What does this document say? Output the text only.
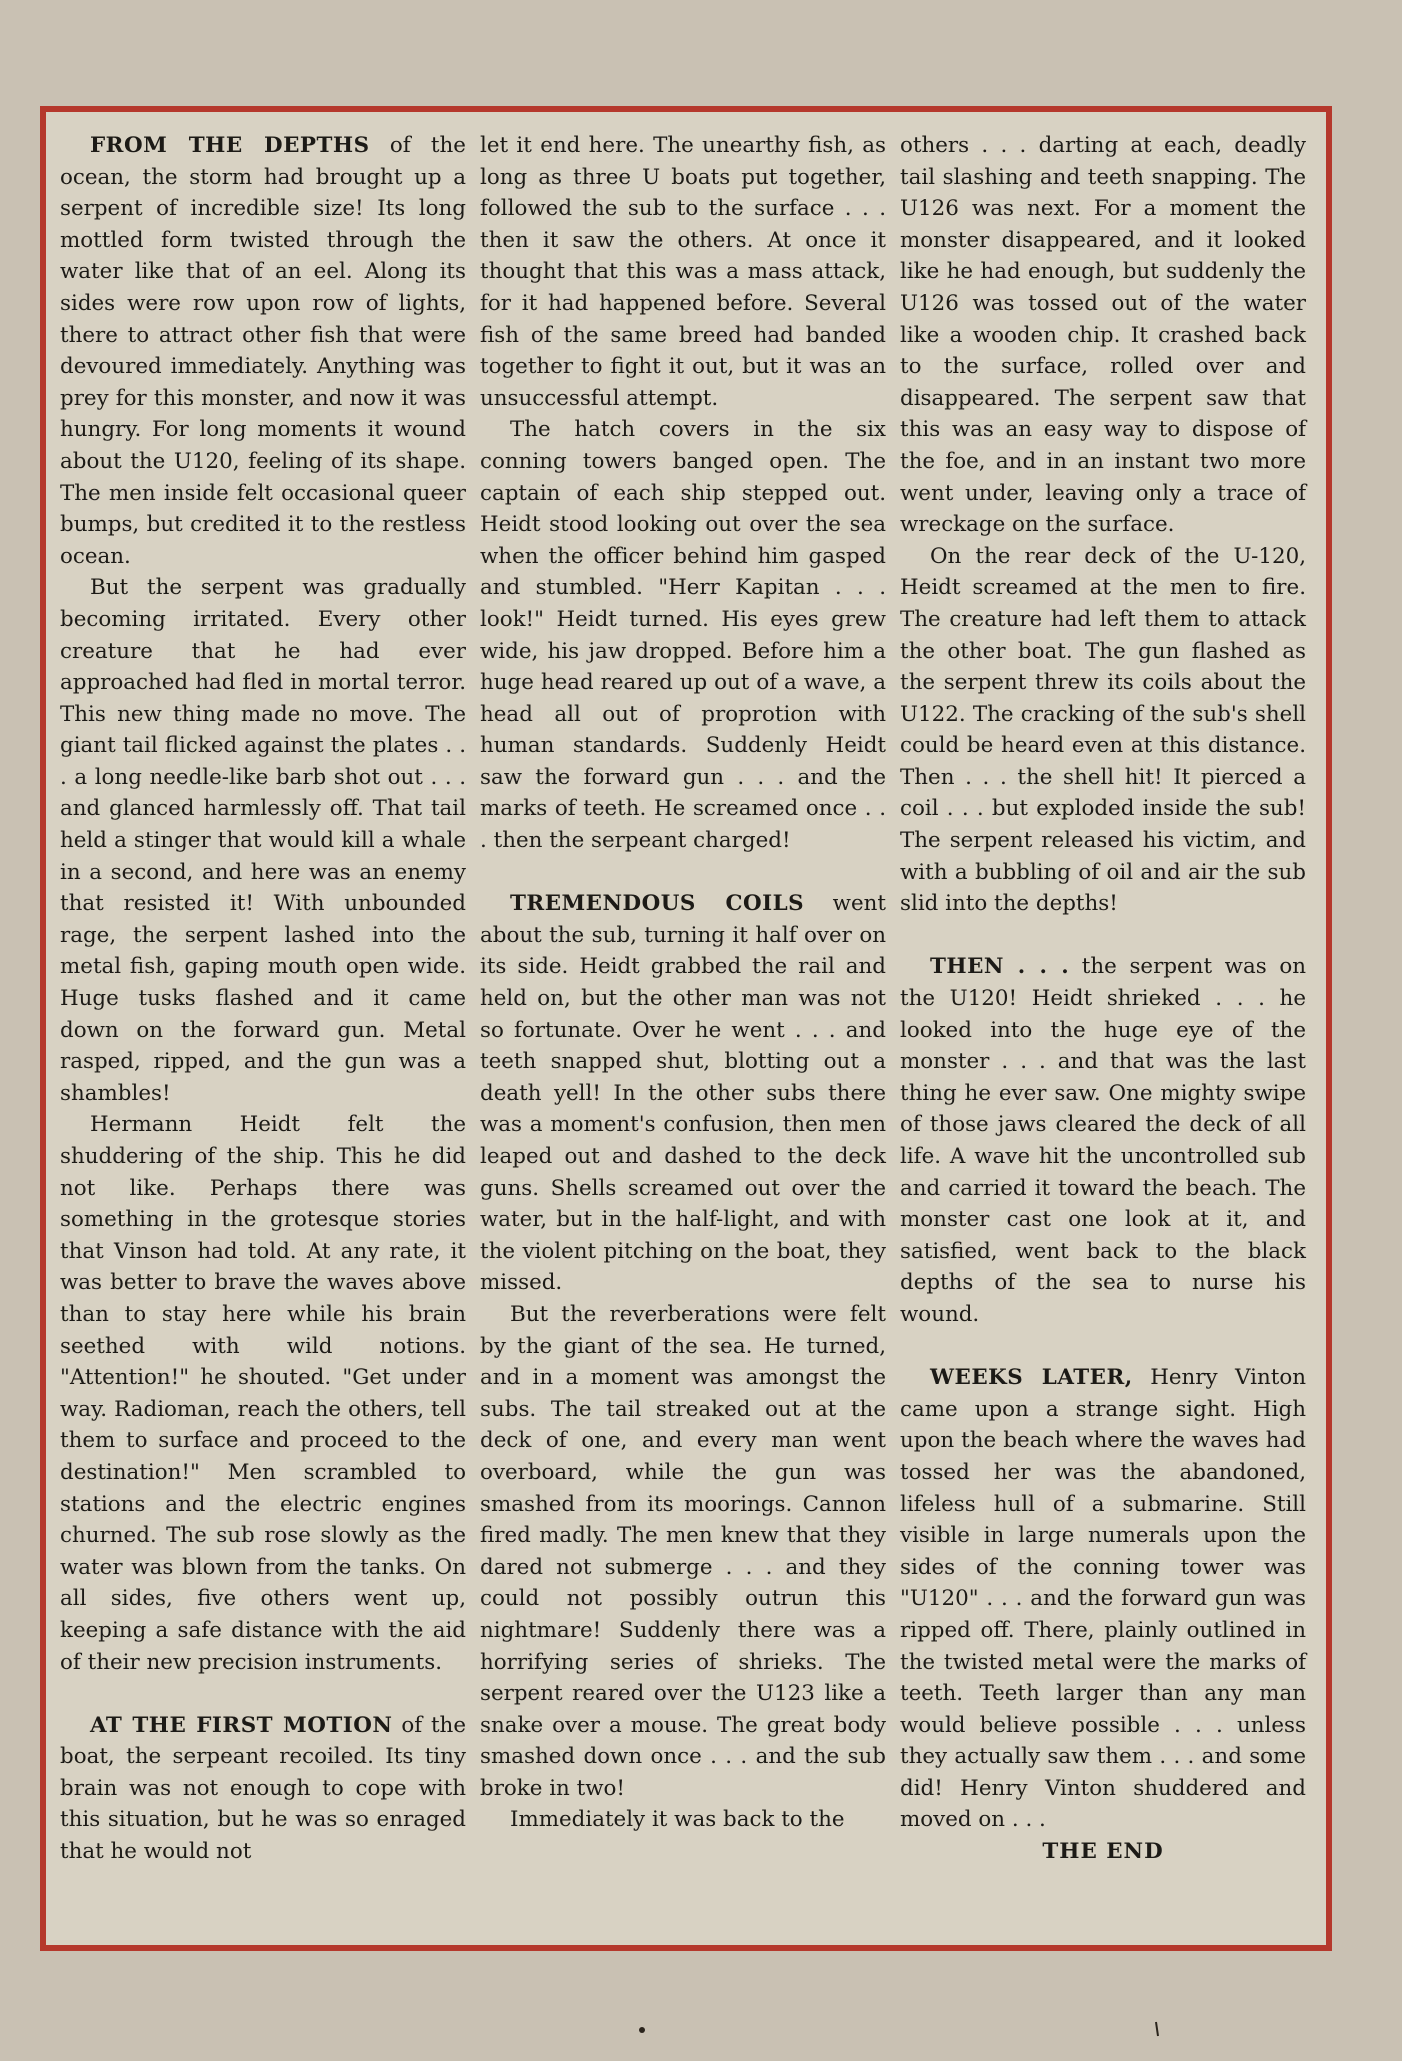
FROM THE DEPTHS of the ocean, the storm had brought up a serpent of incredible size! Its long mottled form twisted through the water like that of an eel. Along its sides were row upon row of lights, there to attract other fish that were devoured immediately. Anything was prey for this monster, and now it was hungry. For long moments it wound about the U120, feeling of its shape. The men inside felt occasional queer bumps, but credited it to the restless ocean.

But the serpent was gradually becoming irritated. Every other creature that he had ever approached had fled in mortal terror. This new thing made no move. The giant tail flicked against the plates . . . a long needle-like barb shot out . . . and glanced harmlessly off. That tail held a stinger that would kill a whale in a second, and here was an enemy that resisted it! With unbounded rage, the serpent lashed into the metal fish, gaping mouth open wide. Huge tusks flashed and it came down on the forward gun. Metal rasped, ripped, and the gun was a shambles!

Hermann Heidt felt the shuddering of the ship. This he did not like. Perhaps there was something in the grotesque stories that Vinson had told. At any rate, it was better to brave the waves above than to stay here while his brain seethed with wild notions. "Attention!" he shouted. "Get under way. Radioman, reach the others, tell them to surface and proceed to the destination!" Men scrambled to stations and the electric engines churned. The sub rose slowly as the water was blown from the tanks. On all sides, five others went up, keeping a safe distance with the aid of their new precision instruments.

AT THE FIRST MOTION of the boat, the serpeant recoiled. Its tiny brain was not enough to cope with this situation, but he was so enraged that he would not

let it end here. The unearthy fish, as long as three U boats put together, followed the sub to the surface . . . then it saw the others. At once it thought that this was a mass attack, for it had happened before. Several fish of the same breed had banded together to fight it out, but it was an unsuccessful attempt.

The hatch covers in the six conning towers banged open. The captain of each ship stepped out. Heidt stood looking out over the sea when the officer behind him gasped and stumbled. "Herr Kapitan . . . look!" Heidt turned. His eyes grew wide, his jaw dropped. Before him a huge head reared up out of a wave, a head all out of proprotion with human standards. Suddenly Heidt saw the forward gun . . . and the marks of teeth. He screamed once . . . then the serpeant charged!

TREMENDOUS COILS went about the sub, turning it half over on its side. Heidt grabbed the rail and held on, but the other man was not so fortunate. Over he went . . . and teeth snapped shut, blotting out a death yell! In the other subs there was a moment's confusion, then men leaped out and dashed to the deck guns. Shells screamed out over the water, but in the half-light, and with the violent pitching on the boat, they missed.

But the reverberations were felt by the giant of the sea. He turned, and in a moment was amongst the subs. The tail streaked out at the deck of one, and every man went overboard, while the gun was smashed from its moorings. Cannon fired madly. The men knew that they dared not submerge . . . and they could not possibly outrun this nightmare! Suddenly there was a horrifying series of shrieks. The serpent reared over the U123 like a snake over a mouse. The great body smashed down once . . . and the sub broke in two!

Immediately it was back to the

others . . . darting at each, deadly tail slashing and teeth snapping. The U126 was next. For a moment the monster disappeared, and it looked like he had enough, but suddenly the U126 was tossed out of the water like a wooden chip. It crashed back to the surface, rolled over and disappeared. The serpent saw that this was an easy way to dispose of the foe, and in an instant two more went under, leaving only a trace of wreckage on the surface.

On the rear deck of the U-120, Heidt screamed at the men to fire. The creature had left them to attack the other boat. The gun flashed as the serpent threw its coils about the U122. The cracking of the sub's shell could be heard even at this distance. Then . . . the shell hit! It pierced a coil . . . but exploded inside the sub! The serpent released his victim, and with a bubbling of oil and air the sub slid into the depths!

THEN . . . the serpent was on the U120! Heidt shrieked . . . he looked into the huge eye of the monster . . . and that was the last thing he ever saw. One mighty swipe of those jaws cleared the deck of all life. A wave hit the uncontrolled sub and carried it toward the beach. The monster cast one look at it, and satisfied, went back to the black depths of the sea to nurse his wound.

WEEKS LATER, Henry Vinton came upon a strange sight. High upon the beach where the waves had tossed her was the abandoned, lifeless hull of a submarine. Still visible in large numerals upon the sides of the conning tower was "U120" . . . and the forward gun was ripped off. There, plainly outlined in the twisted metal were the marks of teeth. Teeth larger than any man would believe possible . . . unless they actually saw them . . . and some did! Henry Vinton shuddered and moved on . . .

THE END
